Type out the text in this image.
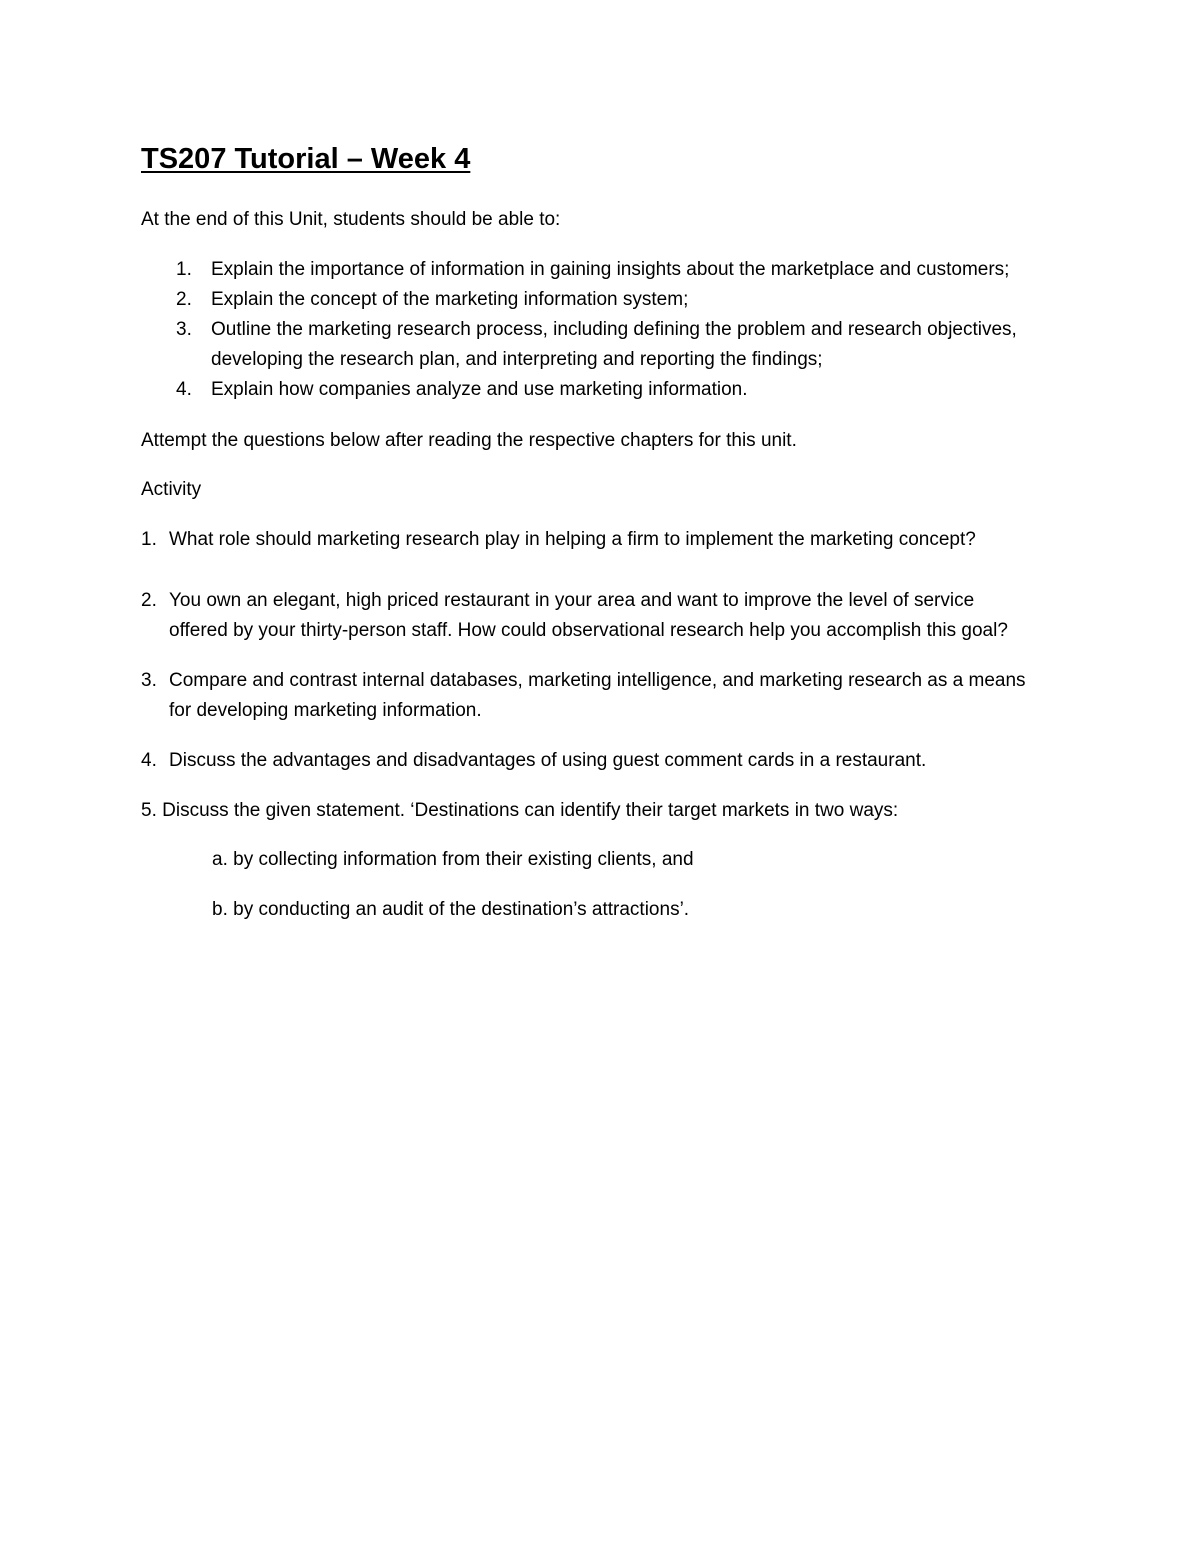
TS207 Tutorial – Week 4

At the end of this Unit, students should be able to:

1. Explain the importance of information in gaining insights about the marketplace and customers;
2. Explain the concept of the marketing information system;
3. Outline the marketing research process, including defining the problem and research objectives,
developing the research plan, and interpreting and reporting the findings;
4. Explain how companies analyze and use marketing information.

Attempt the questions below after reading the respective chapters for this unit.

Activity

1. What role should marketing research play in helping a firm to implement the marketing concept?
2. You own an elegant, high priced restaurant in your area and want to improve the level of service
offered by your thirty-person staff. How could observational research help you accomplish this goal?
3. Compare and contrast internal databases, marketing intelligence, and marketing research as a means
for developing marketing information.
4. Discuss the advantages and disadvantages of using guest comment cards in a restaurant.

5. Discuss the given statement. ‘Destinations can identify their target markets in two ways:

a. by collecting information from their existing clients, and

b. by conducting an audit of the destination’s attractions’.
